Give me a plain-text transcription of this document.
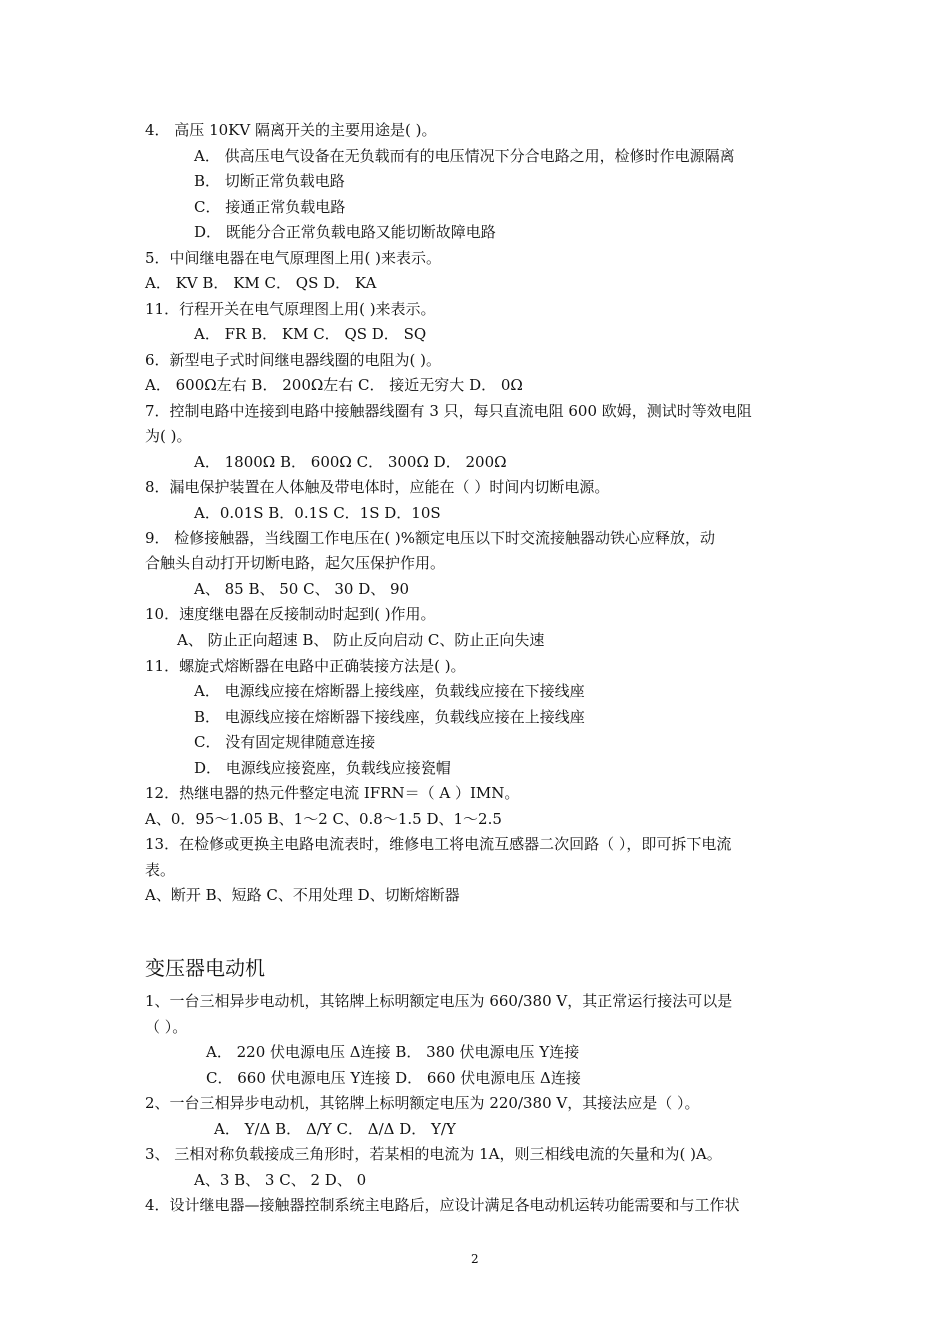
4． 高压 10KV 隔离开关的主要用途是( )。
A． 供高压电气设备在无负载而有的电压情况下分合电路之用，检修时作电源隔离
B． 切断正常负载电路
C． 接通正常负载电路
D． 既能分合正常负载电路又能切断故障电路
5．中间继电器在电气原理图上用( )来表示。
A． KV B． KM C． QS D． KA
11．行程开关在电气原理图上用( )来表示。
A． FR B． KM C． QS D． SQ
6．新型电子式时间继电器线圈的电阻为( )。
A． 600Ω左右 B． 200Ω左右 C． 接近无穷大 D． 0Ω
7．控制电路中连接到电路中接触器线圈有 3 只，每只直流电阻 600 欧姆，测试时等效电阻
为( )。
A． 1800Ω B． 600Ω C． 300Ω D． 200Ω
8．漏电保护装置在人体触及带电体时，应能在（ ）时间内切断电源。
A．0.01S B．0.1S C．1S D．10S
9． 检修接触器，当线圈工作电压在( )%额定电压以下时交流接触器动铁心应释放，动
合触头自动打开切断电路，起欠压保护作用。
A、 85 B、 50 C、 30 D、 90
10．速度继电器在反接制动时起到( )作用。
A、 防止正向超速 B、 防止反向启动 C、防止正向失速
11．螺旋式熔断器在电路中正确装接方法是( )。
A． 电源线应接在熔断器上接线座，负载线应接在下接线座
B． 电源线应接在熔断器下接线座，负载线应接在上接线座
C． 没有固定规律随意连接
D． 电源线应接瓷座，负载线应接瓷帽
12．热继电器的热元件整定电流 IFRN＝（ A ）IMN。
A、0．95～1.05 B、1～2 C、0.8～1.5 D、1～2.5
13．在检修或更换主电路电流表时，维修电工将电流互感器二次回路（ ），即可拆下电流
表。
A、断开 B、短路 C、不用处理 D、切断熔断器
1、一台三相异步电动机，其铭牌上标明额定电压为 660/380 V，其正常运行接法可以是
（ ）。
A． 220 伏电源电压 Δ连接 B． 380 伏电源电压 Y连接
C． 660 伏电源电压 Y连接 D． 660 伏电源电压 Δ连接
2、一台三相异步电动机，其铭牌上标明额定电压为 220/380 V，其接法应是（ ）。
A． Y/Δ B． Δ/Y C． Δ/Δ D． Y/Y
3、 三相对称负载接成三角形时，若某相的电流为 1A，则三相线电流的矢量和为( )A。
A、3 B、 3 C、 2 D、 0
4．设计继电器—接触器控制系统主电路后，应设计满足各电动机运转功能需要和与工作状
变压器电动机
2
